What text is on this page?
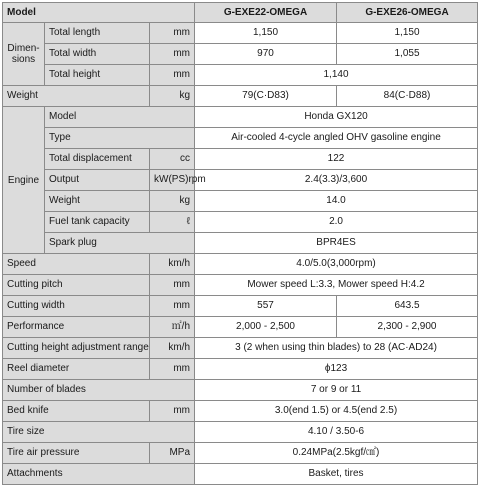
Model			G-EXE22-OMEGA	G-EXE26-OMEGA
Dimen-sions	Total length	mm	1,150	1,150
	Total width	mm	970	1,055
	Total height	mm	1,140	
Weight		kg	79(C·D83)	84(C·D88)
Engine	Model		Honda GX120	
	Type		Air-cooled 4-cycle angled OHV gasoline engine	
	Total displacement	cc	122	
	Output	kW(PS)rpm	2.4(3.3)/3,600	
	Weight	kg	14.0	
	Fuel tank capacity	ℓ	2.0	
	Spark plug		BPR4ES	
Speed		km/h	4.0/5.0(3,000rpm)	
Cutting pitch		mm	Mower speed L:3.3, Mower speed H:4.2	
Cutting width		mm	557	643.5
Performance		㎡/h	2,000 - 2,500	2,300 - 2,900
Cutting height adjustment range		km/h	3 (2 when using thin blades) to 28 (AC·AD24)	
Reel diameter		mm	ϕ123	
Number of blades			7 or 9 or 11	
Bed knife		mm	3.0(end 1.5) or 4.5(end 2.5)	
Tire size			4.10 / 3.50-6	
Tire air pressure		MPa	0.24MPa(2.5kgf/㎠)	
Attachments			Basket, tires	
